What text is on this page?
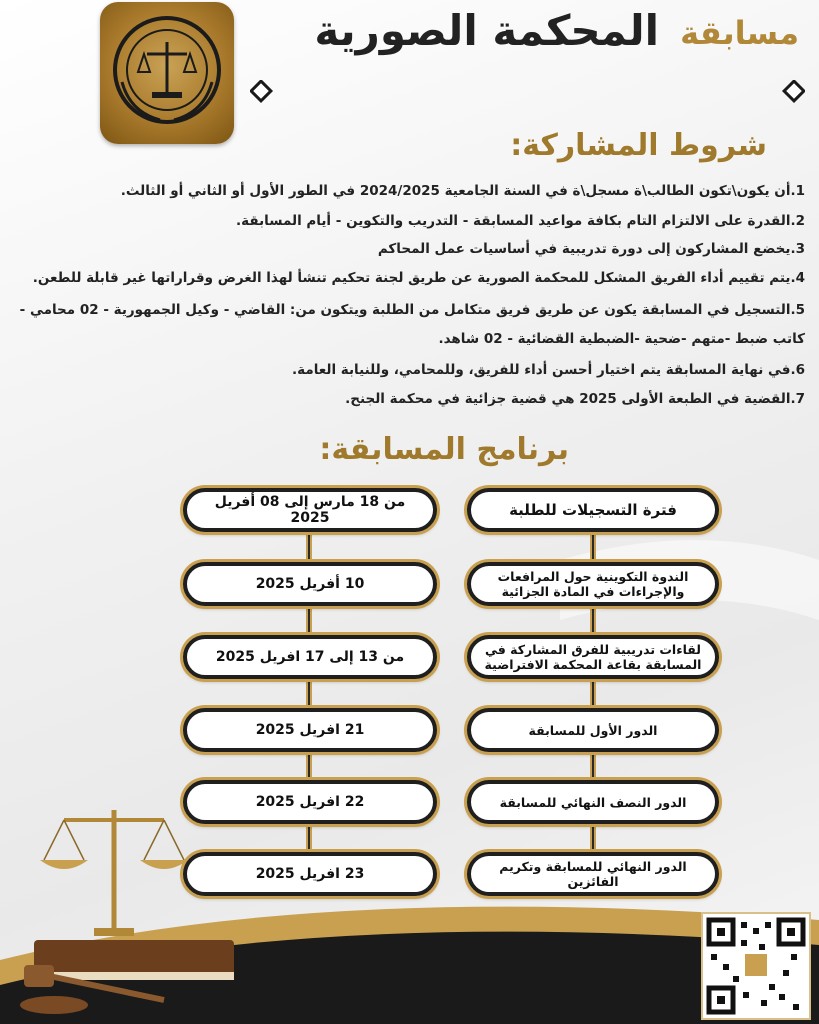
مسابقة
المحكمة الصورية
شروط المشاركة:
1.أن يكون\تكون الطالب\ة مسجل\ة في السنة الجامعية 2024/2025 في الطور الأول أو الثاني أو الثالث.
2.القدرة على الالتزام التام بكافة مواعيد المسابقة - التدريب والتكوين - أيام المسابقة.
3.يخضع المشاركون إلى دورة تدريبية في أساسيات عمل المحاكم
4.يتم تقييم أداء الفريق المشكل للمحكمة الصورية عن طريق لجنة تحكيم تنشأ لهذا الغرض وقراراتها غير قابلة للطعن.
5.التسجيل في المسابقة يكون عن طريق فريق متكامل من الطلبة ويتكون من: القاضي - وكيل الجمهورية - 02 محامي -
كاتب ضبط -متهم -ضحية -الضبطية القضائية - 02 شاهد.
6.في نهاية المسابقة يتم اختيار أحسن أداء للفريق، وللمحامي، وللنيابة العامة.
7.القضية في الطبعة الأولى 2025 هي قضية جزائية في محكمة الجنح.
برنامج المسابقة:
فترة التسجيلات للطلبة
من 18 مارس إلى 08 أفريل 2025
الندوة التكوينية حول المرافعات والإجراءات في المادة الجزائية
10 أفريل 2025
لقاءات تدريبية للفرق المشاركة في المسابقة بقاعة المحكمة الافتراضية
من 13 إلى 17 افريل 2025
الدور الأول للمسابقة
21 افريل 2025
الدور النصف النهائي للمسابقة
22 افريل 2025
الدور النهائي للمسابقة وتكريم الفائزين
23 افريل 2025
